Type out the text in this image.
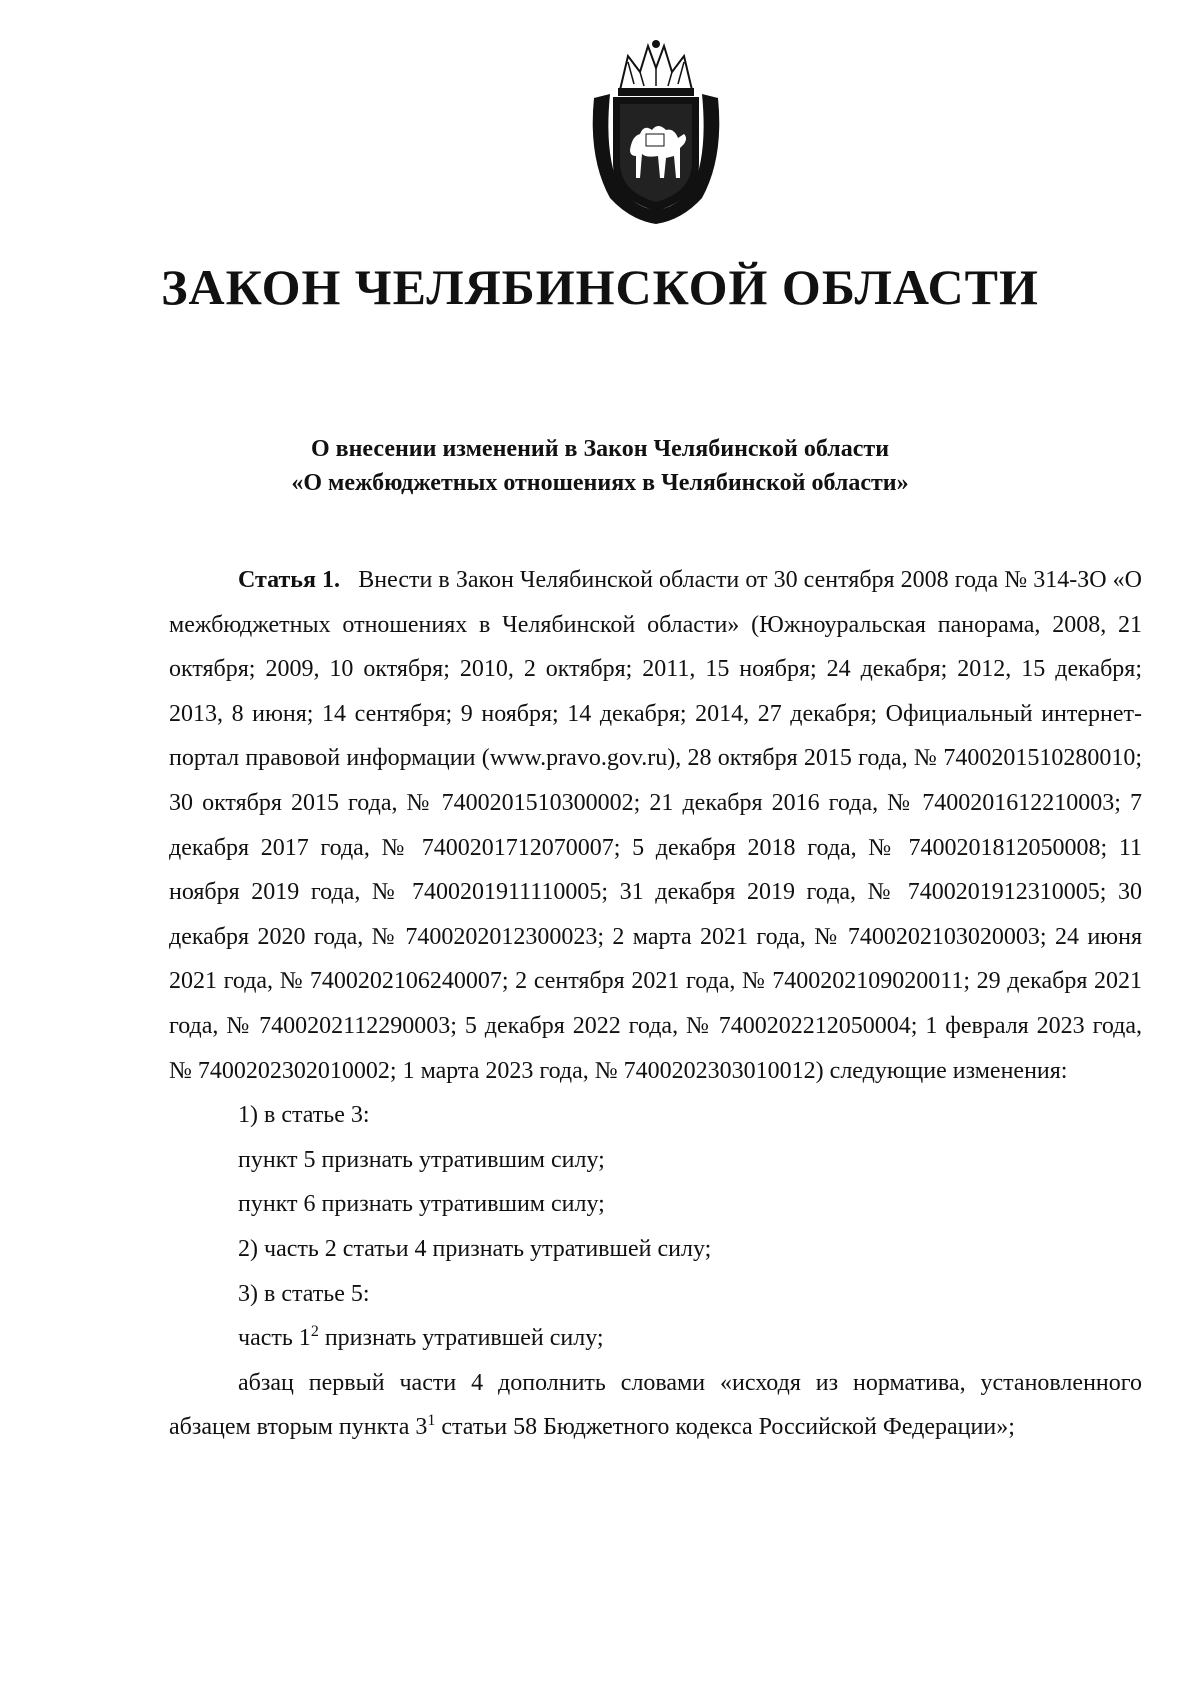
ЗАКОН ЧЕЛЯБИНСКОЙ ОБЛАСТИ
О внесении изменений в Закон Челябинской области
«О межбюджетных отношениях в Челябинской области»

Статья 1. Внести в Закон Челябинской области от 30 сентября 2008 года № 314-ЗО «О межбюджетных отношениях в Челябинской области» (Южноуральская панорама, 2008, 21 октября; 2009, 10 октября; 2010, 2 октября; 2011, 15 ноября; 24 декабря; 2012, 15 декабря; 2013, 8 июня; 14 сентября; 9 ноября; 14 декабря; 2014, 27 декабря; Официальный интернет-портал правовой информации (www.pravo.gov.ru), 28 октября 2015 года, № 7400201510280010; 30 октября 2015 года, № 7400201510300002; 21 декабря 2016 года, № 7400201612210003; 7 декабря 2017 года, № 7400201712070007; 5 декабря 2018 года, № 7400201812050008; 11 ноября 2019 года, № 7400201911110005; 31 декабря 2019 года, № 7400201912310005; 30 декабря 2020 года, № 7400202012300023; 2 марта 2021 года, № 7400202103020003; 24 июня 2021 года, № 7400202106240007; 2 сентября 2021 года, № 7400202109020011; 29 декабря 2021 года, № 7400202112290003; 5 декабря 2022 года, № 7400202212050004; 1 февраля 2023 года, № 7400202302010002; 1 марта 2023 года, № 7400202303010012) следующие изменения:

1) в статье 3:

пункт 5 признать утратившим силу;

пункт 6 признать утратившим силу;

2) часть 2 статьи 4 признать утратившей силу;

3) в статье 5:

часть $1^2$ признать утратившей силу;

абзац первый части 4 дополнить словами «исходя из норматива, установленного абзацем вторым пункта $3^1$ статьи 58 Бюджетного кодекса Российской Федерации»;
